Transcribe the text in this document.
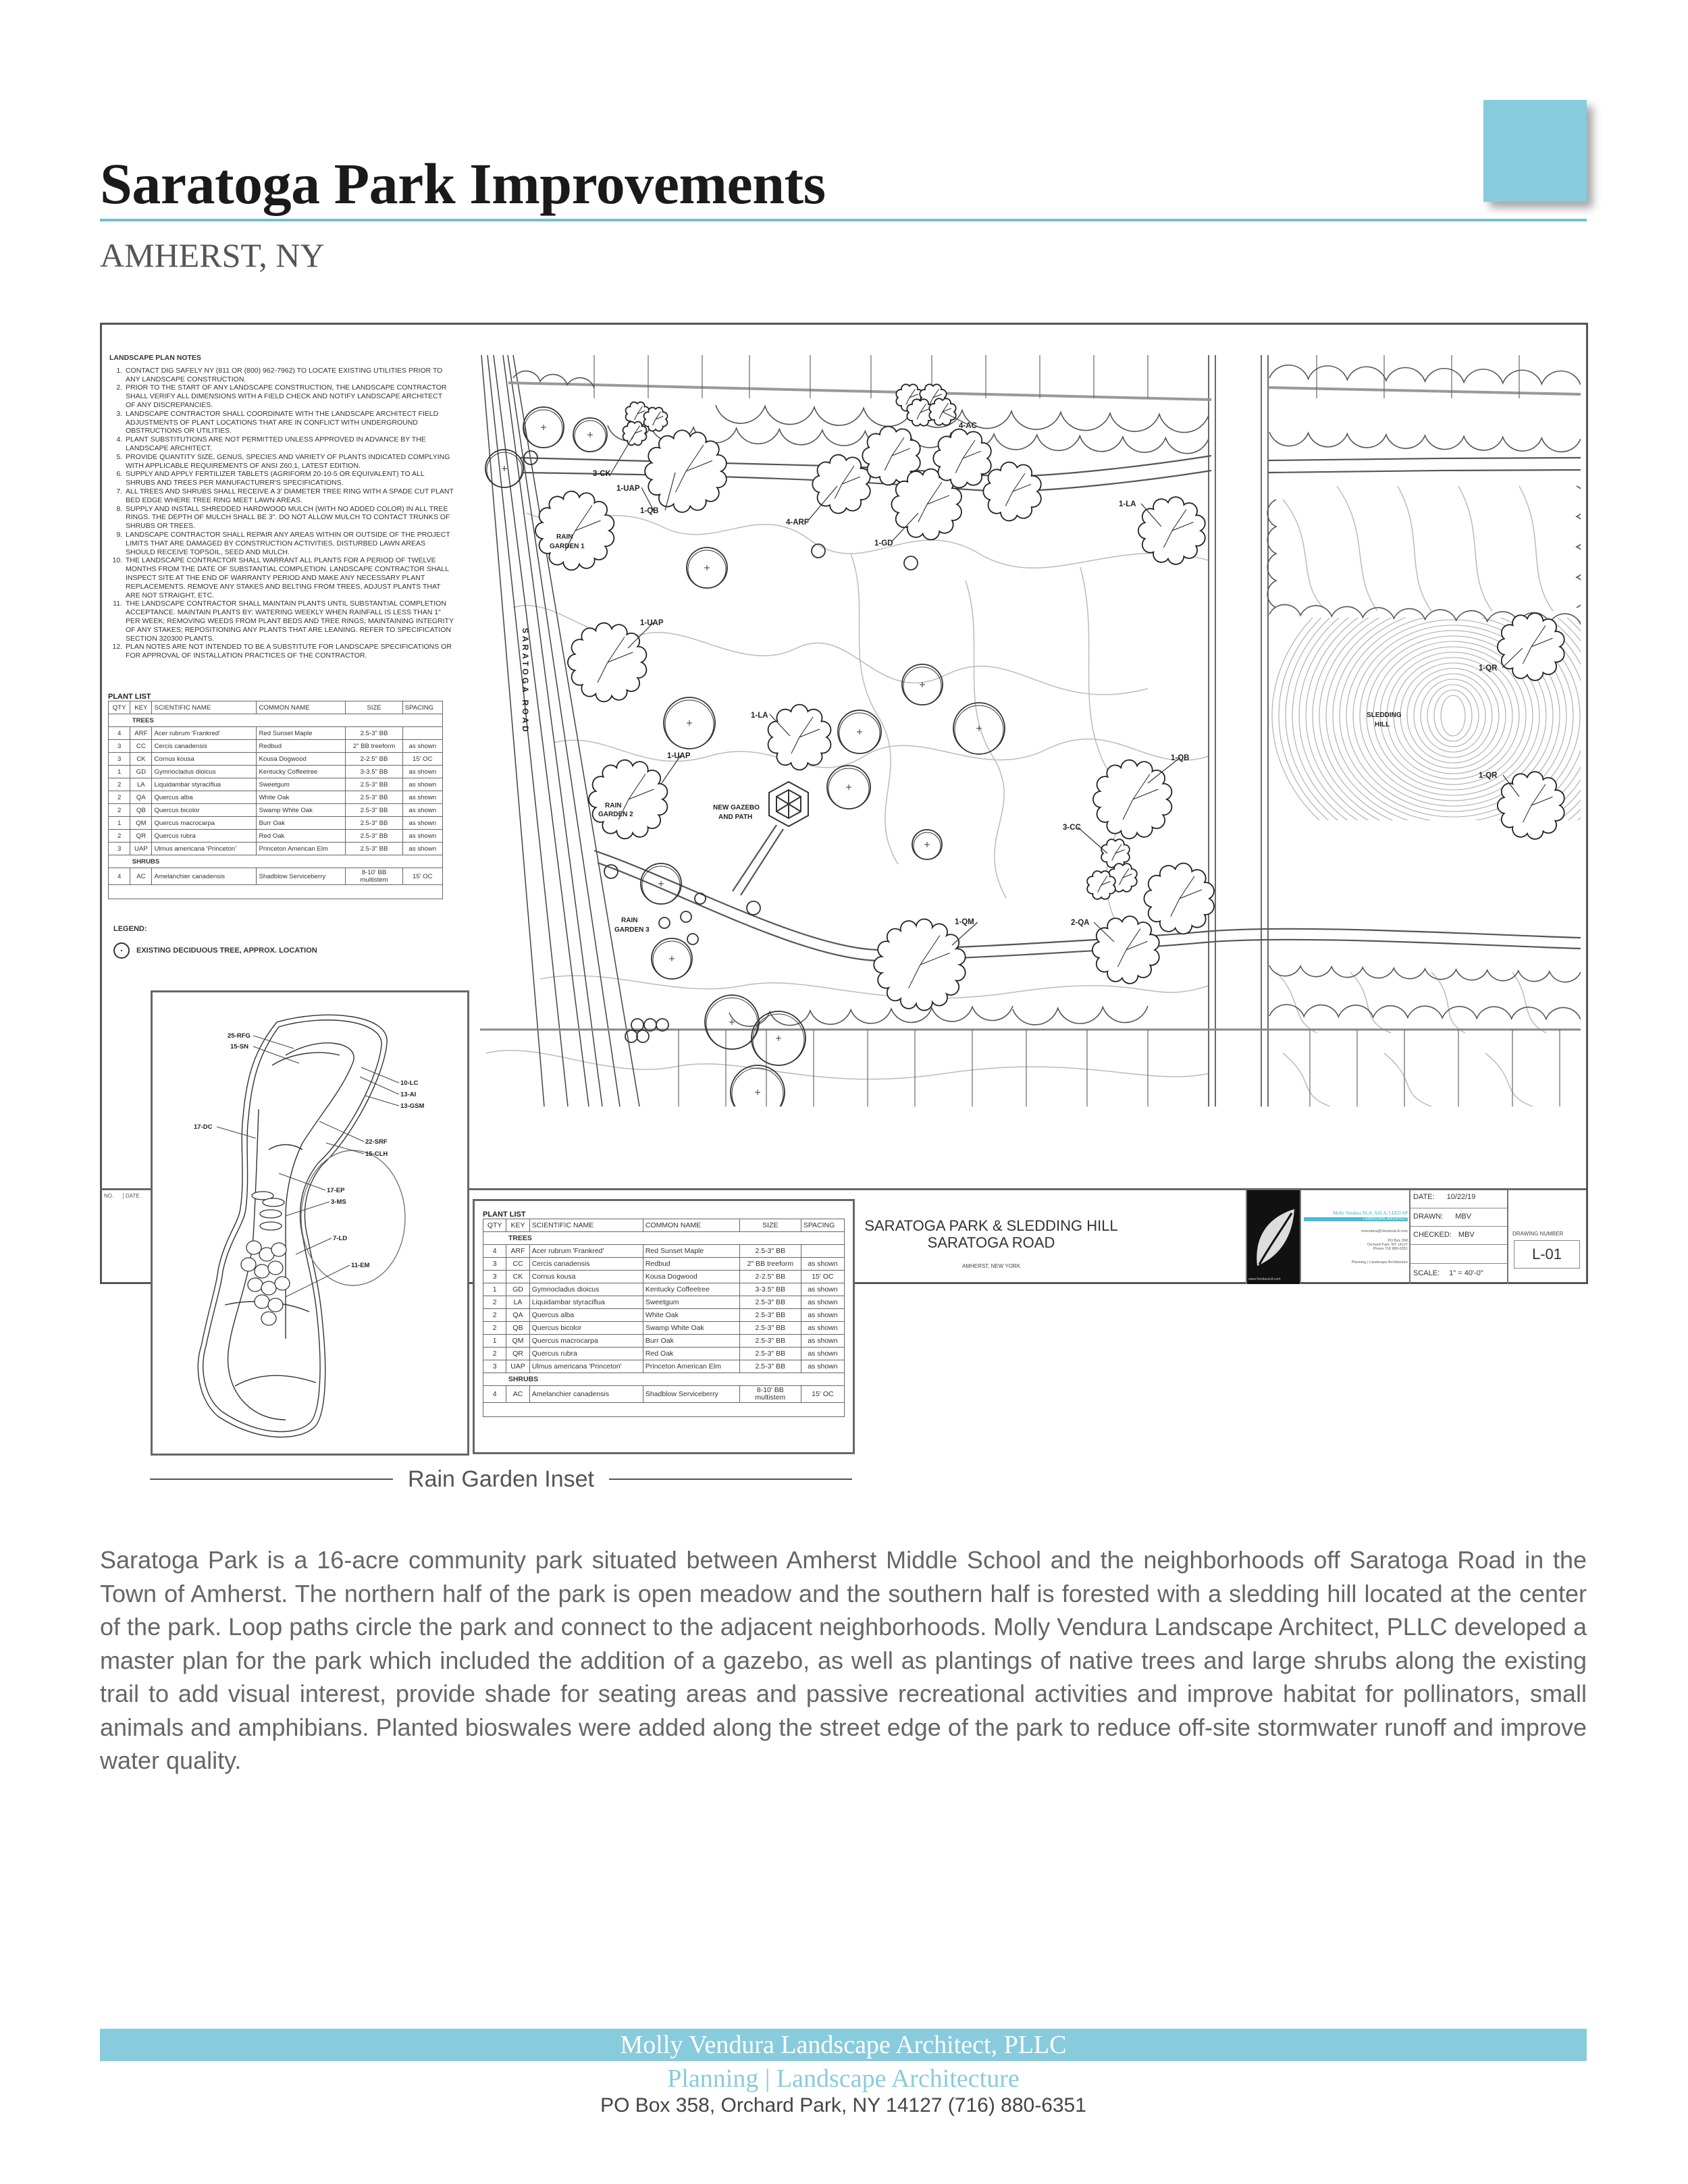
Saratoga Park Improvements
AMHERST, NY
LANDSCAPE PLAN NOTES
1. CONTACT DIG SAFELY NY (811 OR (800) 962-7962) TO LOCATE EXISTING UTILITIES PRIOR TO ANY LANDSCAPE CONSTRUCTION.
2. PRIOR TO THE START OF ANY LANDSCAPE CONSTRUCTION, THE LANDSCAPE CONTRACTOR SHALL VERIFY ALL DIMENSIONS WITH A FIELD CHECK AND NOTIFY LANDSCAPE ARCHITECT OF ANY DISCREPANCIES.
3. LANDSCAPE CONTRACTOR SHALL COORDINATE WITH THE LANDSCAPE ARCHITECT FIELD ADJUSTMENTS OF PLANT LOCATIONS THAT ARE IN CONFLICT WITH UNDERGROUND OBSTRUCTIONS OR UTILITIES.
4. PLANT SUBSTITUTIONS ARE NOT PERMITTED UNLESS APPROVED IN ADVANCE BY THE LANDSCAPE ARCHITECT.
5. PROVIDE QUANTITY SIZE, GENUS, SPECIES AND VARIETY OF PLANTS INDICATED COMPLYING WITH APPLICABLE REQUIREMENTS OF ANSI Z60.1, LATEST EDITION.
6. SUPPLY AND APPLY FERTILIZER TABLETS (AGRIFORM 20-10-5 OR EQUIVALENT) TO ALL SHRUBS AND TREES PER MANUFACTURER'S SPECIFICATIONS.
7. ALL TREES AND SHRUBS SHALL RECEIVE A 3' DIAMETER TREE RING WITH A SPADE CUT PLANT BED EDGE WHERE TREE RING MEET LAWN AREAS.
8. SUPPLY AND INSTALL SHREDDED HARDWOOD MULCH (WITH NO ADDED COLOR) IN ALL TREE RINGS. THE DEPTH OF MULCH SHALL BE 3". DO NOT ALLOW MULCH TO CONTACT TRUNKS OF SHRUBS OR TREES.
9. LANDSCAPE CONTRACTOR SHALL REPAIR ANY AREAS WITHIN OR OUTSIDE OF THE PROJECT LIMITS THAT ARE DAMAGED BY CONSTRUCTION ACTIVITIES. DISTURBED LAWN AREAS SHOULD RECEIVE TOPSOIL, SEED AND MULCH.
10. THE LANDSCAPE CONTRACTOR SHALL WARRANT ALL PLANTS FOR A PERIOD OF TWELVE MONTHS FROM THE DATE OF SUBSTANTIAL COMPLETION. LANDSCAPE CONTRACTOR SHALL INSPECT SITE AT THE END OF WARRANTY PERIOD AND MAKE ANY NECESSARY PLANT REPLACEMENTS. REMOVE ANY STAKES AND BELTING FROM TREES, ADJUST PLANTS THAT ARE NOT STRAIGHT, ETC.
11. THE LANDSCAPE CONTRACTOR SHALL MAINTAIN PLANTS UNTIL SUBSTANTIAL COMPLETION ACCEPTANCE. MAINTAIN PLANTS BY: WATERING WEEKLY WHEN RAINFALL IS LESS THAN 1" PER WEEK; REMOVING WEEDS FROM PLANT BEDS AND TREE RINGS; MAINTAINING INTEGRITY OF ANY STAKES; REPOSITIONING ANY PLANTS THAT ARE LEANING. REFER TO SPECIFICATION SECTION 320300 PLANTS.
12. PLAN NOTES ARE NOT INTENDED TO BE A SUBSTITUTE FOR LANDSCAPE SPECIFICATIONS OR FOR APPROVAL OF INSTALLATION PRACTICES OF THE CONTRACTOR.
PLANT LIST
QTY	KEY	SCIENTIFIC NAME	COMMON NAME	SIZE	SPACING
	TREES				
4	ARF	Acer rubrum 'Frankred'	Red Sunset Maple	2.5-3" BB	
3	CC	Cercis canadensis	Redbud	2" BB treeform	as shown
3	CK	Cornus kousa	Kousa Dogwood	2-2.5" BB	15' OC
1	GD	Gymnocladus dioicus	Kentucky Coffeetree	3-3.5" BB	as shown
2	LA	Liquidambar styraciflua	Sweetgum	2.5-3" BB	as shown
2	QA	Quercus alba	White Oak	2.5-3" BB	as shown
2	QB	Quercus bicolor	Swamp White Oak	2.5-3" BB	as shown
1	QM	Quercus macrocarpa	Burr Oak	2.5-3" BB	as shown
2	QR	Quercus rubra	Red Oak	2.5-3" BB	as shown
3	UAP	Ulmus americana 'Princeton'	Princeton American Elm	2.5-3" BB	as shown
	SHRUBS				
4	AC	Amelanchier canadensis	Shadblow Serviceberry	8-10' BB multistem	15' OC

LEGEND:
EXISTING DECIDUOUS TREE, APPROX. LOCATION
3-CK
1-UAP
1-QB
4-AC
4-ARF
1-GD
1-LA
RAIN
GARDEN 1
1-UAP
1-QR
SLEDDING
HILL
1-LA
1-UAP	1-QB
1-QR
RAIN
GARDEN 2
NEW GAZEBO
AND PATH
3-CC
RAIN
GARDEN 3
1-QM	2-QA
SARATOGA ROAD
NO.	DATE
SARATOGA PARK & SLEDDING HILL
SARATOGA ROAD
AMHERST, NEW YORK
www.VenduraLA.com
Molly Vendura RLA, ASLA, LEED AP
LANDSCAPE ARCHITECT
mvendura@VenduraLA.com
PO Box 358
Orchard Park, NY 14127
Phone 716 880-6351
Planning | Landscape Architecture
DATE: 10/22/19
DRAWN: MBV
CHECKED: MBV
SCALE: 1" = 40'-0"
DRAWING NUMBER
L-01
25-RFG
15-SN
10-LC
13-AI
13-GSM
17-DC
22-SRF
15-CLH
17-EP
3-MS
7-LD
11-EM
PLANT LIST
QTY	KEY	SCIENTIFIC NAME	COMMON NAME	SIZE	SPACING
	TREES				
4	ARF	Acer rubrum 'Frankred'	Red Sunset Maple	2.5-3" BB	
3	CC	Cercis canadensis	Redbud	2" BB treeform	as shown
3	CK	Cornus kousa	Kousa Dogwood	2-2.5" BB	15' OC
1	GD	Gymnocladus dioicus	Kentucky Coffeetree	3-3.5" BB	as shown
2	LA	Liquidambar styraciflua	Sweetgum	2.5-3" BB	as shown
2	QA	Quercus alba	White Oak	2.5-3" BB	as shown
2	QB	Quercus bicolor	Swamp White Oak	2.5-3" BB	as shown
1	QM	Quercus macrocarpa	Burr Oak	2.5-3" BB	as shown
2	QR	Quercus rubra	Red Oak	2.5-3" BB	as shown
3	UAP	Ulmus americana 'Princeton'	Princeton American Elm	2.5-3" BB	as shown
	SHRUBS				
4	AC	Amelanchier canadensis	Shadblow Serviceberry	8-10' BB multistem	15' OC

Rain Garden Inset
Saratoga Park is a 16-acre community park situated between Amherst Middle School and the neighborhoods off Saratoga Road in the Town of Amherst. The northern half of the park is open meadow and the southern half is forested with a sledding hill located at the center of the park. Loop paths circle the park and connect to the adjacent neighborhoods. Molly Vendura Landscape Architect, PLLC developed a master plan for the park which included the addition of a gazebo, as well as plantings of native trees and large shrubs along the existing trail to add visual interest, provide shade for seating areas and passive recreational activities and improve habitat for pollinators, small animals and amphibians. Planted bioswales were added along the street edge of the park to reduce off-site stormwater runoff and improve water quality.
Molly Vendura Landscape Architect, PLLC
Planning | Landscape Architecture
PO Box 358, Orchard Park, NY 14127 (716) 880-6351
